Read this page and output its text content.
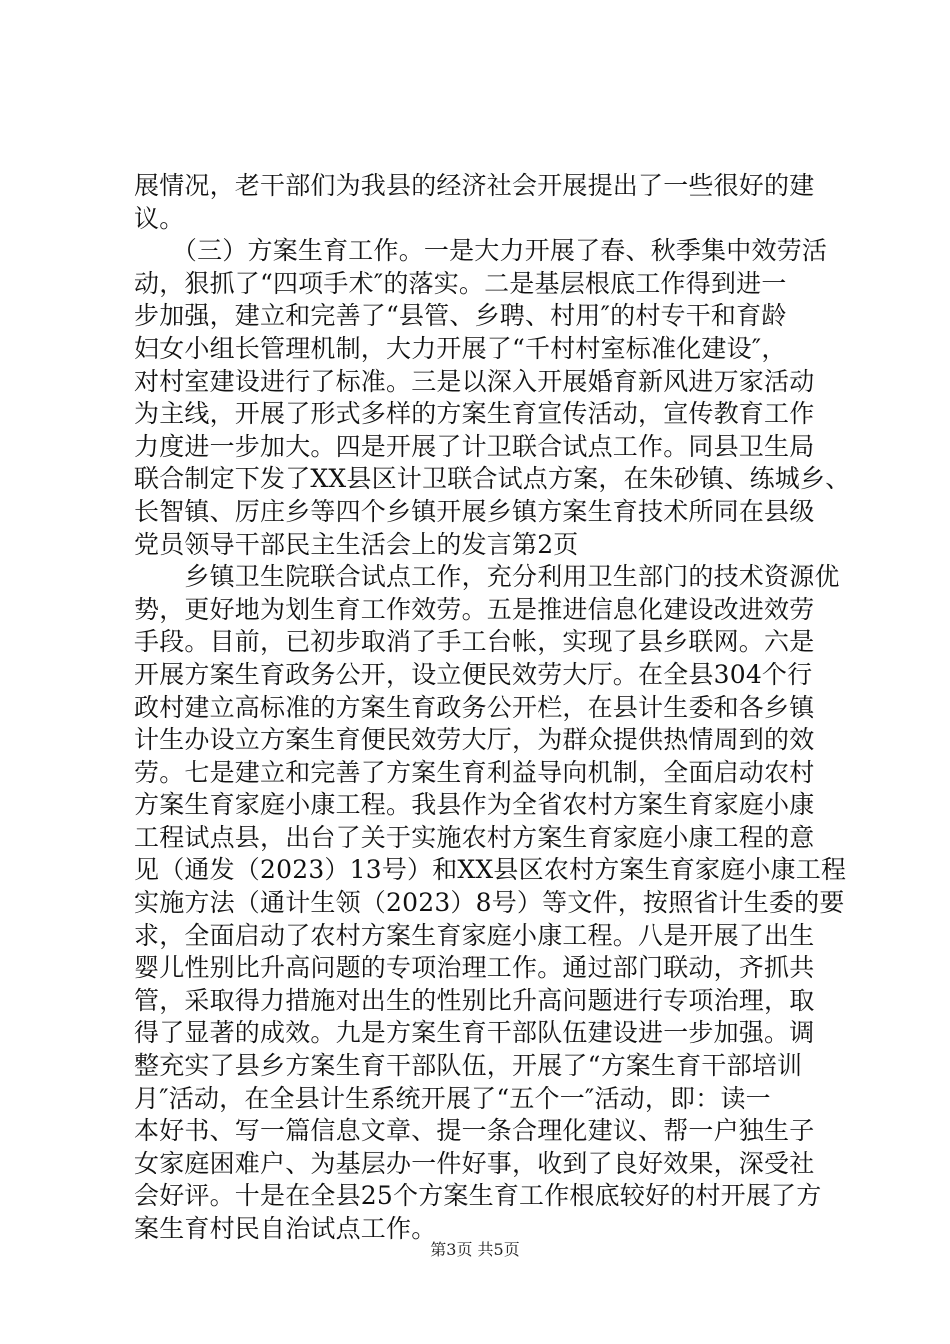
展情况，老干部们为我县的经济社会开展提出了一些很好的建
议。
　　（三）方案生育工作。一是大力开展了春、秋季集中效劳活
动，狠抓了“四项手术″的落实。二是基层根底工作得到进一
步加强，建立和完善了“县管、乡聘、村用″的村专干和育龄
妇女小组长管理机制，大力开展了“千村村室标准化建设″，
对村室建设进行了标准。三是以深入开展婚育新风进万家活动
为主线，开展了形式多样的方案生育宣传活动，宣传教育工作
力度进一步加大。四是开展了计卫联合试点工作。同县卫生局
联合制定下发了XX县区计卫联合试点方案，在朱砂镇、练城乡、
长智镇、厉庄乡等四个乡镇开展乡镇方案生育技术所同在县级
党员领导干部民主生活会上的发言第2页
　　乡镇卫生院联合试点工作，充分利用卫生部门的技术资源优
势，更好地为划生育工作效劳。五是推进信息化建设改进效劳
手段。目前，已初步取消了手工台帐，实现了县乡联网。六是
开展方案生育政务公开，设立便民效劳大厅。在全县304个行
政村建立高标准的方案生育政务公开栏，在县计生委和各乡镇
计生办设立方案生育便民效劳大厅，为群众提供热情周到的效
劳。七是建立和完善了方案生育利益导向机制，全面启动农村
方案生育家庭小康工程。我县作为全省农村方案生育家庭小康
工程试点县，出台了关于实施农村方案生育家庭小康工程的意
见（通发（2023）13号）和XX县区农村方案生育家庭小康工程
实施方法（通计生领（2023）8号）等文件，按照省计生委的要
求，全面启动了农村方案生育家庭小康工程。八是开展了出生
婴儿性别比升高问题的专项治理工作。通过部门联动，齐抓共
管，采取得力措施对出生的性别比升高问题进行专项治理，取
得了显著的成效。九是方案生育干部队伍建设进一步加强。调
整充实了县乡方案生育干部队伍，开展了“方案生育干部培训
月″活动，在全县计生系统开展了“五个一″活动，即：读一
本好书、写一篇信息文章、提一条合理化建议、帮一户独生子
女家庭困难户、为基层办一件好事，收到了良好效果，深受社
会好评。十是在全县25个方案生育工作根底较好的村开展了方
案生育村民自治试点工作。
第3页 共5页
